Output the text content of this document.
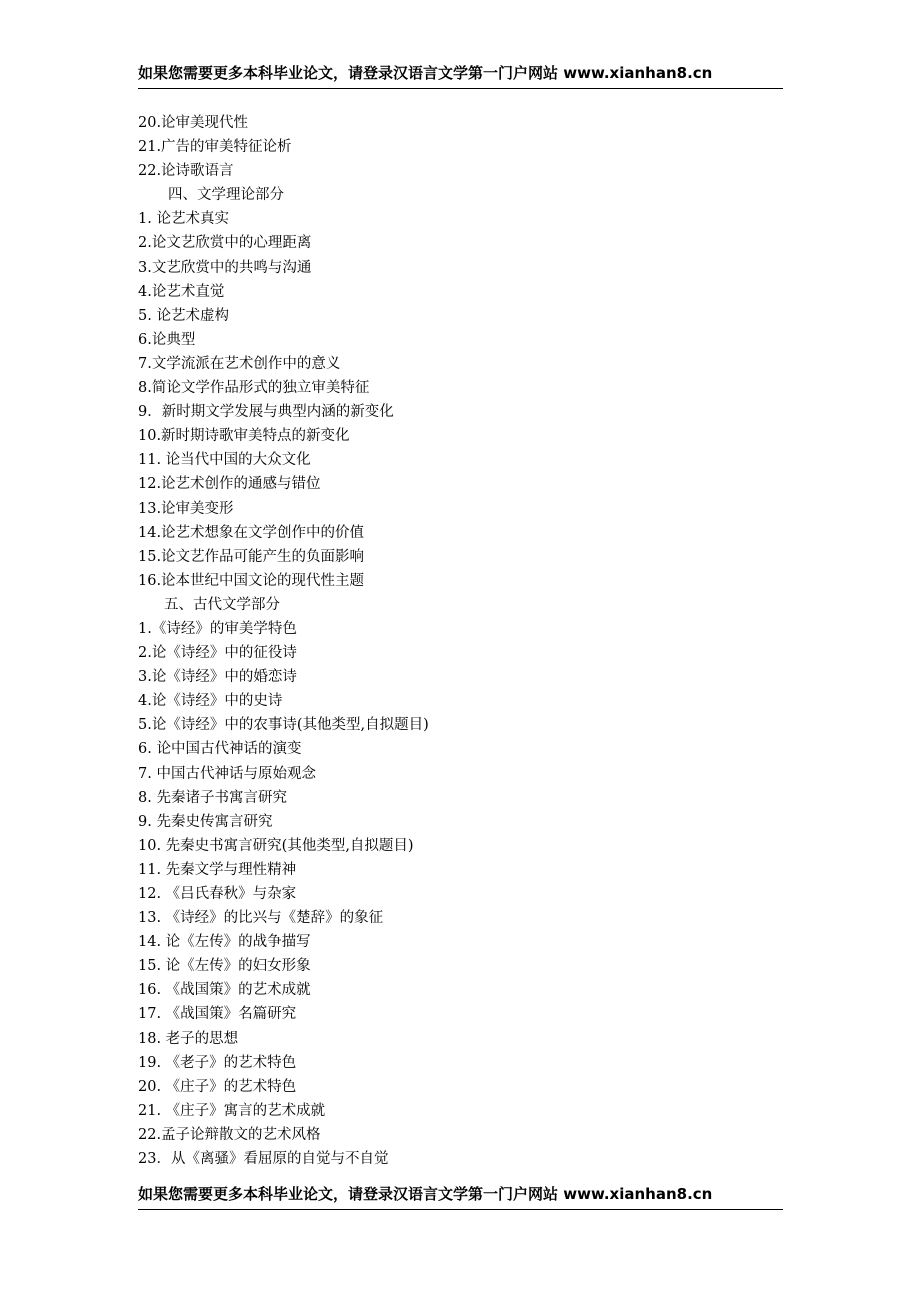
如果您需要更多本科毕业论文，请登录汉语言文学第一门户网站 www.xianhan8.cn
20.论审美现代性
21.广告的审美特征论析
22.论诗歌语言
四、文学理论部分
1. 论艺术真实
2.论文艺欣赏中的心理距离
3.文艺欣赏中的共鸣与沟通
4.论艺术直觉
5. 论艺术虚构
6.论典型
7.文学流派在艺术创作中的意义
8.简论文学作品形式的独立审美特征
9．新时期文学发展与典型内涵的新变化
10.新时期诗歌审美特点的新变化
11. 论当代中国的大众文化
12.论艺术创作的通感与错位
13.论审美变形
14.论艺术想象在文学创作中的价值
15.论文艺作品可能产生的负面影响
16.论本世纪中国文论的现代性主题
五、古代文学部分
1.《诗经》的审美学特色
2.论《诗经》中的征役诗
3.论《诗经》中的婚恋诗
4.论《诗经》中的史诗
5.论《诗经》中的农事诗(其他类型,自拟题目)
6. 论中国古代神话的演变
7. 中国古代神话与原始观念
8. 先秦诸子书寓言研究
9. 先秦史传寓言研究
10. 先秦史书寓言研究(其他类型,自拟题目)
11. 先秦文学与理性精神
12. 《吕氏春秋》与杂家
13. 《诗经》的比兴与《楚辞》的象征
14. 论《左传》的战争描写
15. 论《左传》的妇女形象
16. 《战国策》的艺术成就
17. 《战国策》名篇研究
18. 老子的思想
19. 《老子》的艺术特色
20. 《庄子》的艺术特色
21. 《庄子》寓言的艺术成就
22.孟子论辩散文的艺术风格
23．从《离骚》看屈原的自觉与不自觉
如果您需要更多本科毕业论文，请登录汉语言文学第一门户网站 www.xianhan8.cn
